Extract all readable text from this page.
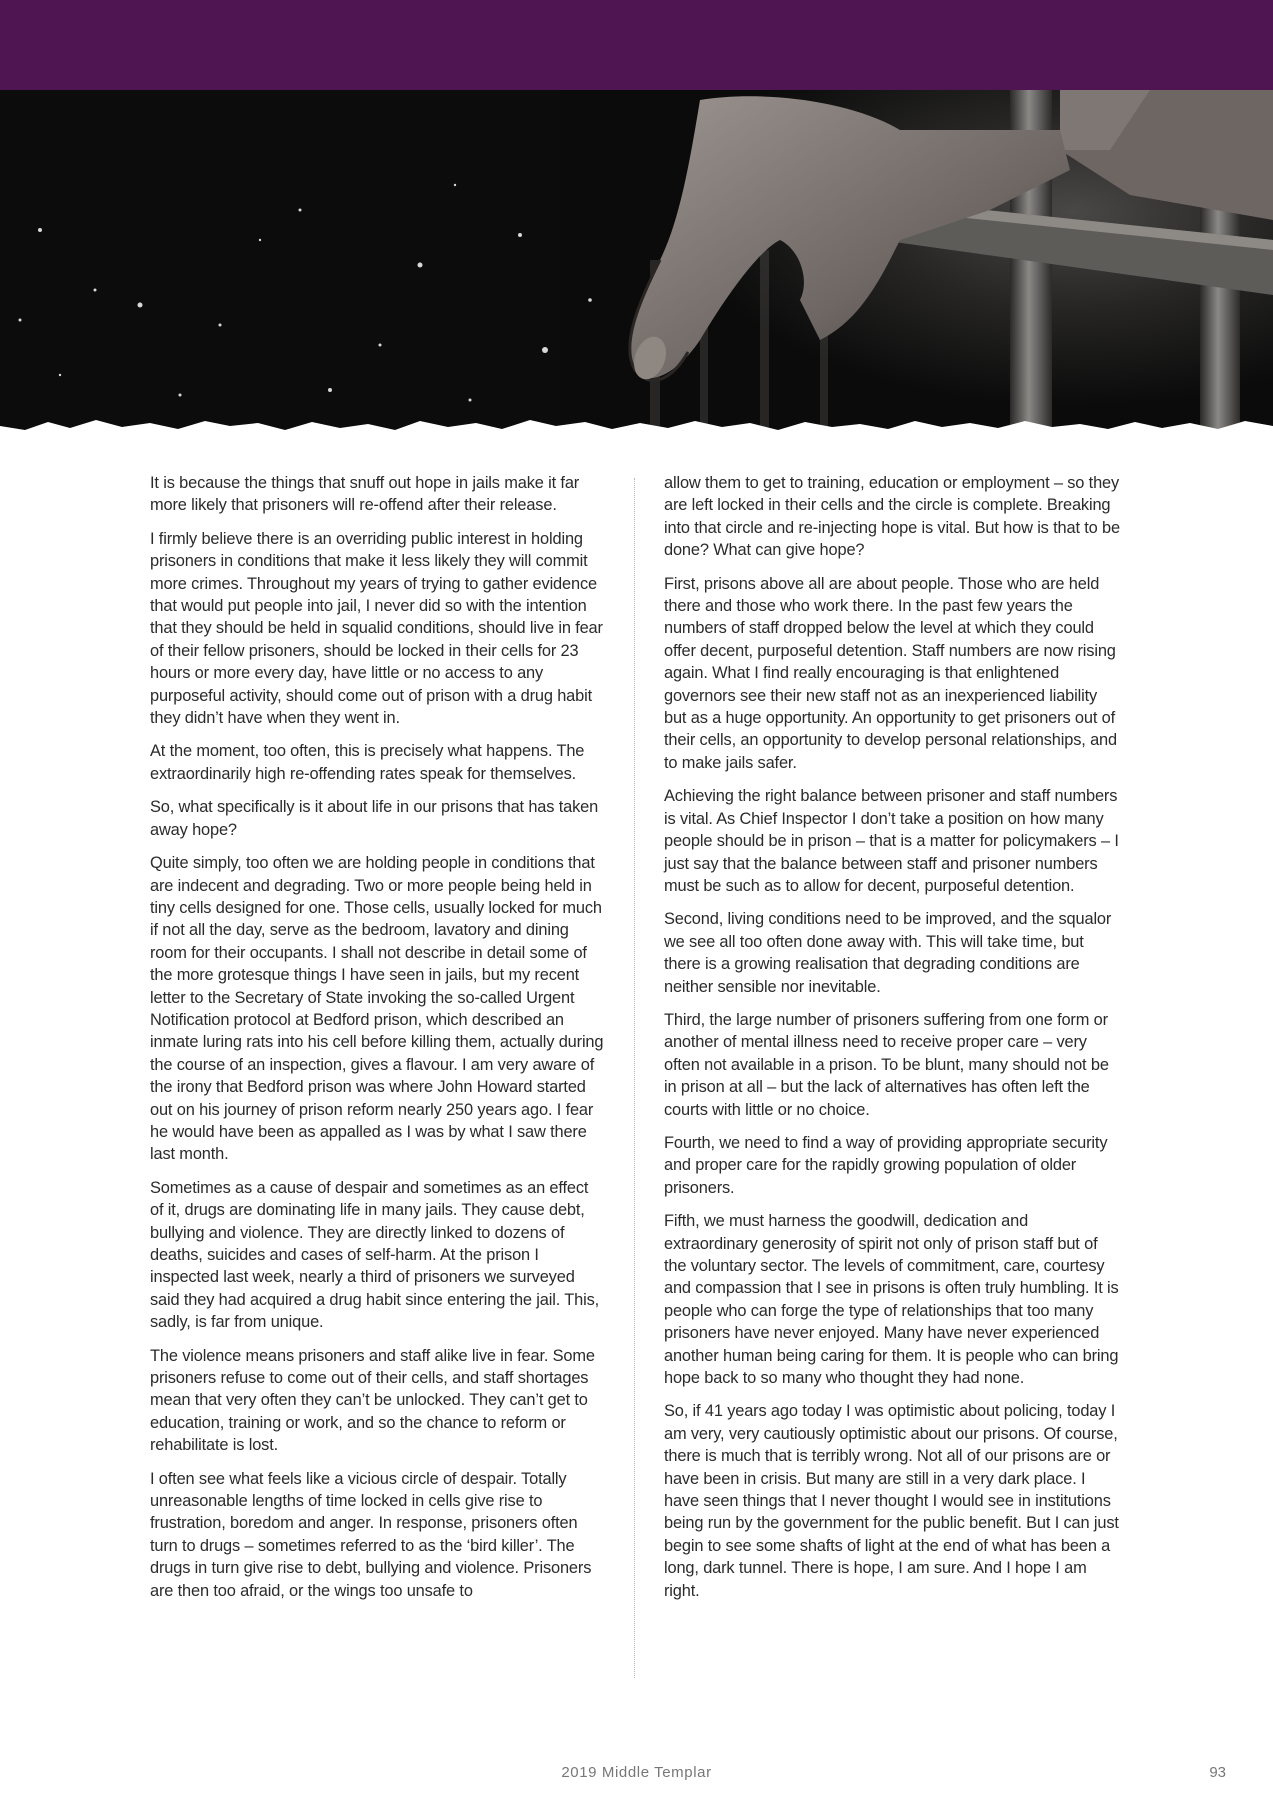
It is because the things that snuff out hope in jails make it far more likely that prisoners will re-offend after their release.

I firmly believe there is an overriding public interest in holding prisoners in conditions that make it less likely they will commit more crimes. Throughout my years of trying to gather evidence that would put people into jail, I never did so with the intention that they should be held in squalid conditions, should live in fear of their fellow prisoners, should be locked in their cells for 23 hours or more every day, have little or no access to any purposeful activity, should come out of prison with a drug habit they didn’t have when they went in.

At the moment, too often, this is precisely what happens. The extraordinarily high re-offending rates speak for themselves.

So, what specifically is it about life in our prisons that has taken away hope?

Quite simply, too often we are holding people in conditions that are indecent and degrading. Two or more people being held in tiny cells designed for one. Those cells, usually locked for much if not all the day, serve as the bedroom, lavatory and dining room for their occupants. I shall not describe in detail some of the more grotesque things I have seen in jails, but my recent letter to the Secretary of State invoking the so-called Urgent Notification protocol at Bedford prison, which described an inmate luring rats into his cell before killing them, actually during the course of an inspection, gives a flavour. I am very aware of the irony that Bedford prison was where John Howard started out on his journey of prison reform nearly 250 years ago. I fear he would have been as appalled as I was by what I saw there last month.

Sometimes as a cause of despair and sometimes as an effect of it, drugs are dominating life in many jails. They cause debt, bullying and violence. They are directly linked to dozens of deaths, suicides and cases of self-harm. At the prison I inspected last week, nearly a third of prisoners we surveyed said they had acquired a drug habit since entering the jail. This, sadly, is far from unique.

The violence means prisoners and staff alike live in fear. Some prisoners refuse to come out of their cells, and staff shortages mean that very often they can’t be unlocked. They can’t get to education, training or work, and so the chance to reform or rehabilitate is lost.

I often see what feels like a vicious circle of despair. Totally unreasonable lengths of time locked in cells give rise to frustration, boredom and anger. In response, prisoners often turn to drugs – sometimes referred to as the ‘bird killer’. The drugs in turn give rise to debt, bullying and violence. Prisoners are then too afraid, or the wings too unsafe to

allow them to get to training, education or employment – so they are left locked in their cells and the circle is complete. Breaking into that circle and re-injecting hope is vital. But how is that to be done? What can give hope?

First, prisons above all are about people. Those who are held there and those who work there. In the past few years the numbers of staff dropped below the level at which they could offer decent, purposeful detention. Staff numbers are now rising again. What I find really encouraging is that enlightened governors see their new staff not as an inexperienced liability but as a huge opportunity. An opportunity to get prisoners out of their cells, an opportunity to develop personal relationships, and to make jails safer.

Achieving the right balance between prisoner and staff numbers is vital. As Chief Inspector I don’t take a position on how many people should be in prison – that is a matter for policymakers – I just say that the balance between staff and prisoner numbers must be such as to allow for decent, purposeful detention.

Second, living conditions need to be improved, and the squalor we see all too often done away with. This will take time, but there is a growing realisation that degrading conditions are neither sensible nor inevitable.

Third, the large number of prisoners suffering from one form or another of mental illness need to receive proper care – very often not available in a prison. To be blunt, many should not be in prison at all – but the lack of alternatives has often left the courts with little or no choice.

Fourth, we need to find a way of providing appropriate security and proper care for the rapidly growing population of older prisoners.

Fifth, we must harness the goodwill, dedication and extraordinary generosity of spirit not only of prison staff but of the voluntary sector. The levels of commitment, care, courtesy and compassion that I see in prisons is often truly humbling. It is people who can forge the type of relationships that too many prisoners have never enjoyed. Many have never experienced another human being caring for them. It is people who can bring hope back to so many who thought they had none.

So, if 41 years ago today I was optimistic about policing, today I am very, very cautiously optimistic about our prisons. Of course, there is much that is terribly wrong. Not all of our prisons are or have been in crisis. But many are still in a very dark place. I have seen things that I never thought I would see in institutions being run by the government for the public benefit. But I can just begin to see some shafts of light at the end of what has been a long, dark tunnel. There is hope, I am sure. And I hope I am right.

2019 Middle Templar	93
